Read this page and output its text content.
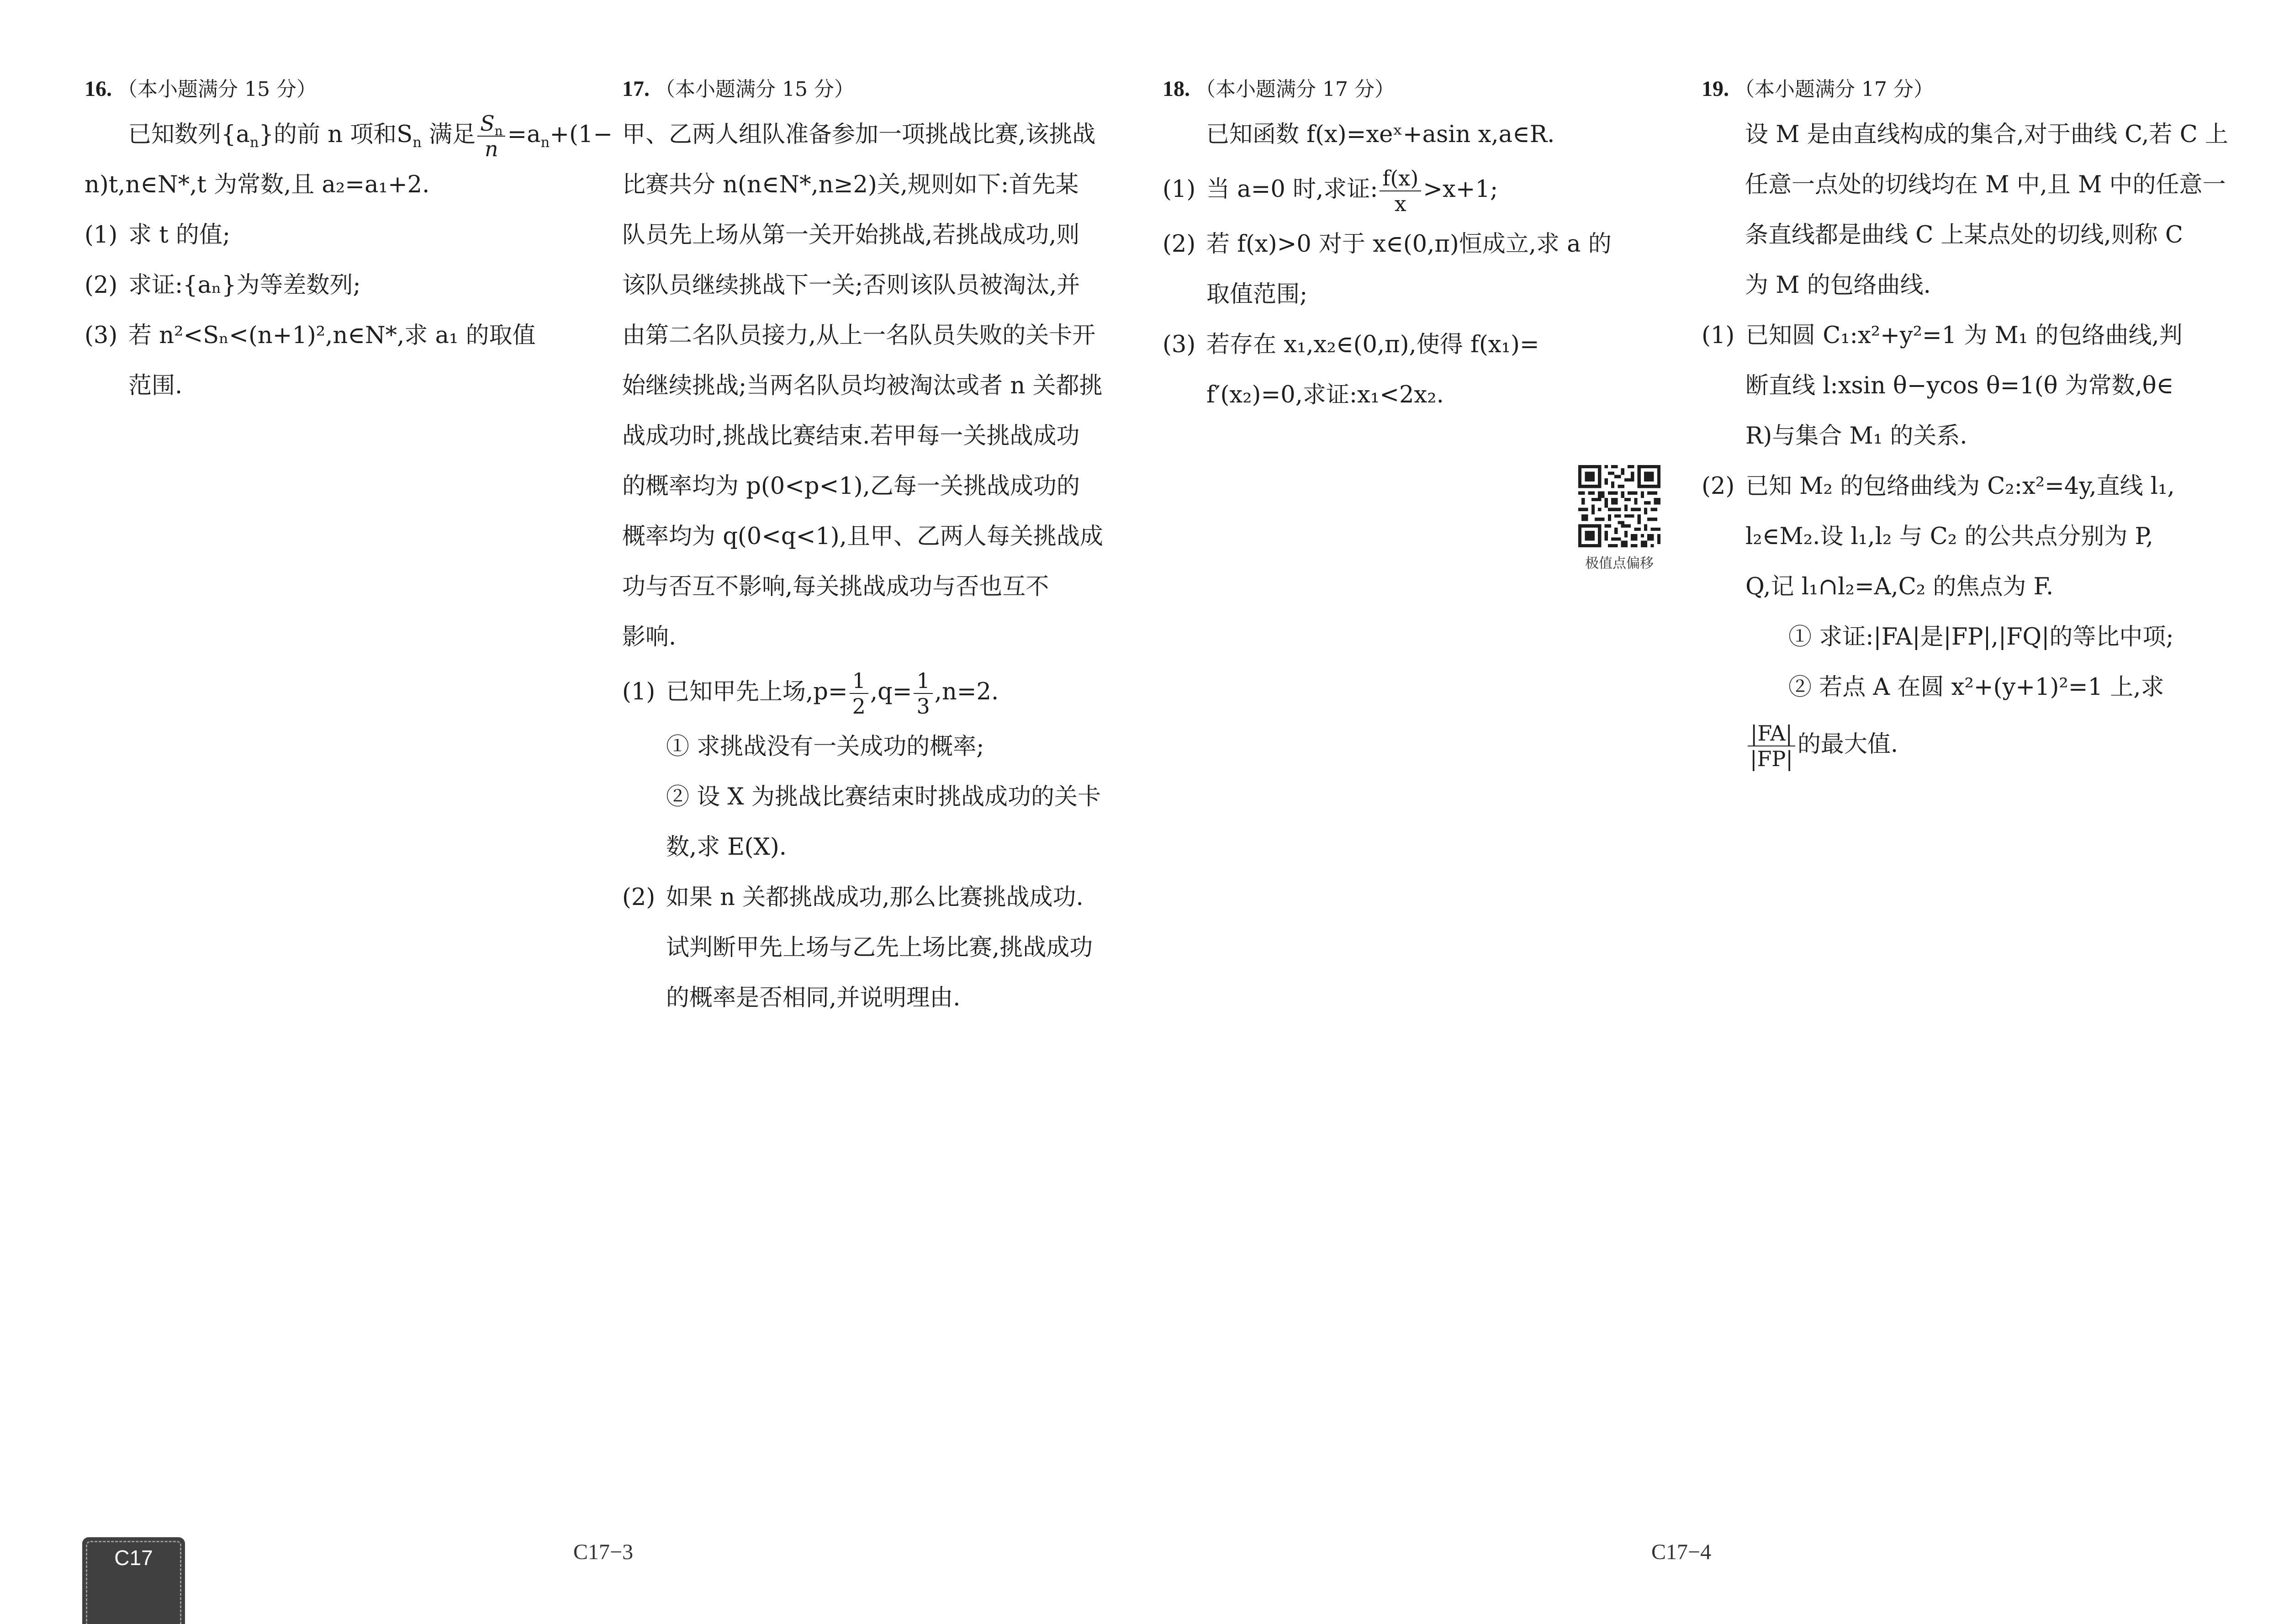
16. （本小题满分 15 分）

已知数列$\{a_n\}$的前 n 项和$S_n$ 满足 $\frac{S_n}{n} =a_n+(1-$

n)t,n∈N*,t 为常数,且 a₂=a₁+2.

(1) 求 t 的值;

(2) 求证:{aₙ}为等差数列;

(3) 若 n²<Sₙ<(n+1)²,n∈N*,求 a₁ 的取值

范围.

17. （本小题满分 15 分）

甲、乙两人组队准备参加一项挑战比赛,该挑战

比赛共分 n(n∈N*,n≥2)关,规则如下:首先某

队员先上场从第一关开始挑战,若挑战成功,则

该队员继续挑战下一关;否则该队员被淘汰,并

由第二名队员接力,从上一名队员失败的关卡开

始继续挑战;当两名队员均被淘汰或者 n 关都挑

战成功时,挑战比赛结束.若甲每一关挑战成功

的概率均为 p(0<p<1),乙每一关挑战成功的

概率均为 q(0<q<1),且甲、乙两人每关挑战成

功与否互不影响,每关挑战成功与否也互不

影响.

(1) 已知甲先上场$,p= \frac{1}{2} ,q= \frac{1}{3} ,n=2$.

① 求挑战没有一关成功的概率;

② 设 X 为挑战比赛结束时挑战成功的关卡

数,求 E(X).

(2) 如果 n 关都挑战成功,那么比赛挑战成功.

试判断甲先上场与乙先上场比赛,挑战成功

的概率是否相同,并说明理由.

18. （本小题满分 17 分）

已知函数 f(x)=xeˣ+asin x,a∈R.

(1) 当 a=0 时,求证: $\frac{f(x)}{x} >x+1$;

(2) 若 f(x)>0 对于 x∈(0,π)恒成立,求 a 的

取值范围;

(3) 若存在 x₁,x₂∈(0,π),使得 f(x₁)=

f′(x₂)=0,求证:x₁<2x₂.

极值点偏移
19. （本小题满分 17 分）

设 M 是由直线构成的集合,对于曲线 C,若 C 上

任意一点处的切线均在 M 中,且 M 中的任意一

条直线都是曲线 C 上某点处的切线,则称 C

为 M 的包络曲线.

(1) 已知圆 C₁:x²+y²=1 为 M₁ 的包络曲线,判

断直线 l:xsin θ−ycos θ=1(θ 为常数,θ∈

R)与集合 M₁ 的关系.

(2) 已知 M₂ 的包络曲线为 C₂:x²=4y,直线 l₁,

l₂∈M₂.设 l₁,l₂ 与 C₂ 的公共点分别为 P,

Q,记 l₁∩l₂=A,C₂ 的焦点为 F.

① 求证:|FA|是|FP|,|FQ|的等比中项;

② 若点 A 在圆 x²+(y+1)²=1 上,求

$\frac{|FA|}{|FP|}$ 的最大值.

C17	C17−3	C17−4
